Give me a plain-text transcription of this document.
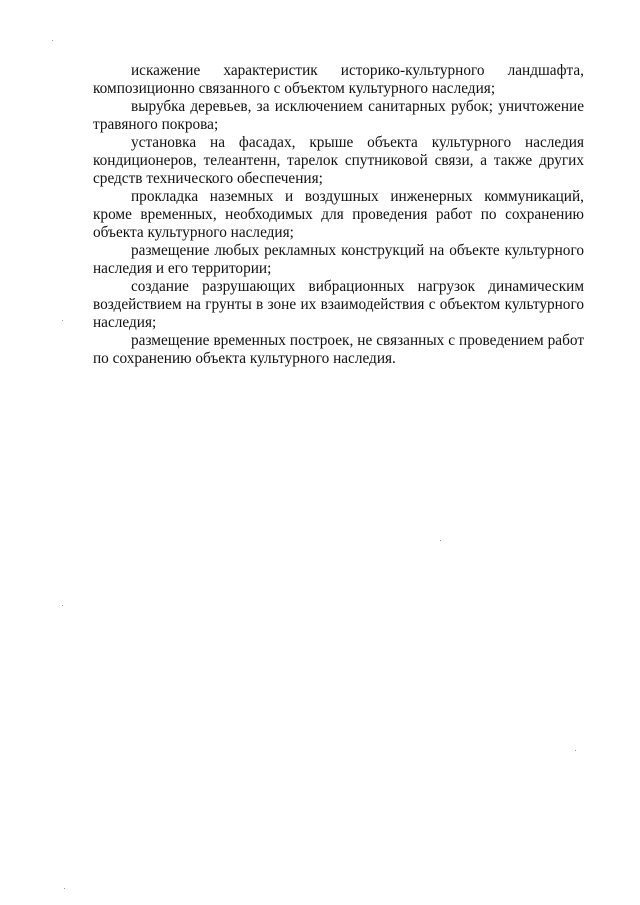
искажение характеристик историко-культурного ландшафта,
композиционно связанного с объектом культурного наследия;
вырубка деревьев, за исключением санитарных рубок; уничтожение
травяного покрова;
установка на фасадах, крыше объекта культурного наследия
кондиционеров, телеантенн, тарелок спутниковой связи, а также других
средств технического обеспечения;
прокладка наземных и воздушных инженерных коммуникаций,
кроме временных, необходимых для проведения работ по сохранению
объекта культурного наследия;
размещение любых рекламных конструкций на объекте культурного
наследия и его территории;
создание разрушающих вибрационных нагрузок динамическим
воздействием на грунты в зоне их взаимодействия с объектом культурного
наследия;
размещение временных построек, не связанных с проведением работ
по сохранению объекта культурного наследия.
